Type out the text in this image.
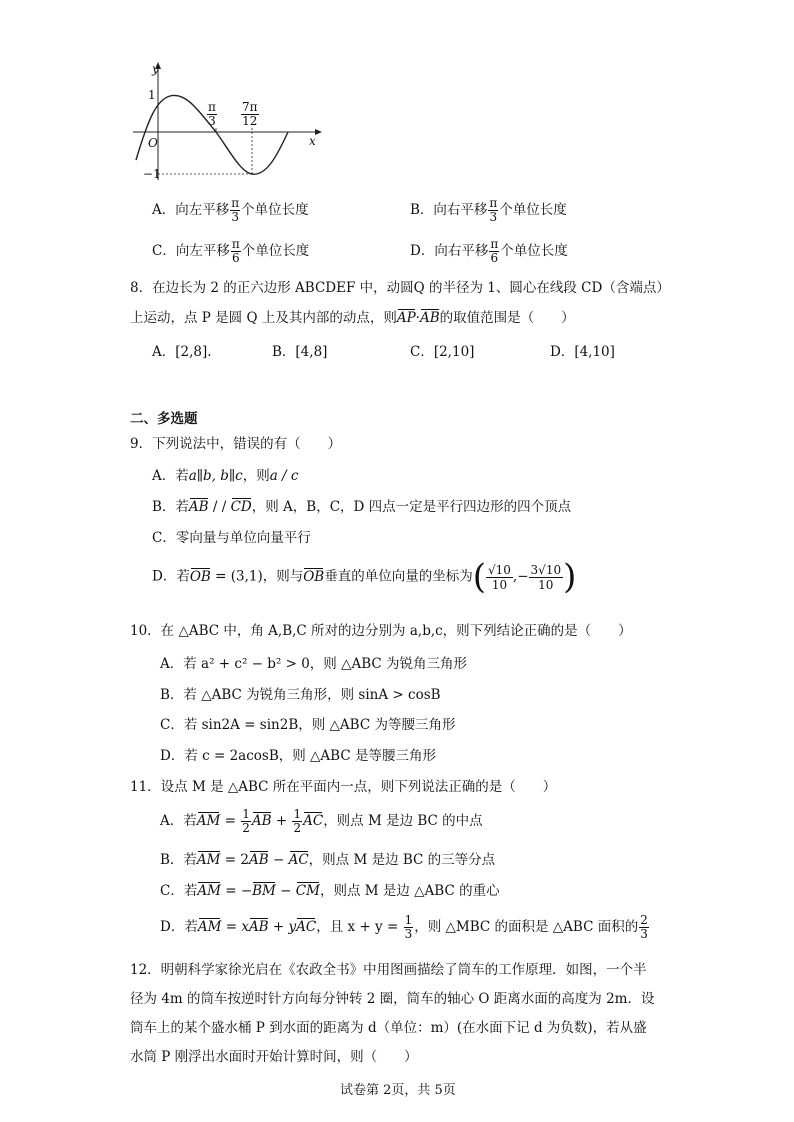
y
x
O
1
−1
$\frac{\pi}{3} \frac{7\pi}{12}$
A．向左平移 $\frac{\pi}{3}$ 个单位长度	B．向右平移 $\frac{\pi}{3}$ 个单位长度
C．向左平移 $\frac{\pi}{6}$ 个单位长度	D．向右平移 $\frac{\pi}{6}$ 个单位长度
8．在边长为 2 的正六边形 ABCDEF 中，动圆Q 的半径为 1、圆心在线段 CD（含端点）
上运动，点 P 是圆 Q 上及其内部的动点，则AP·AB的取值范围是（　　）
A．[2,8].	B．[4,8]	C．[2,10]	D．[4,10]
二、多选题
9．下列说法中，错误的有（　　）
A．若a∥b, b∥c，则a / c
B．若AB / / CD，则 A，B，C，D 四点一定是平行四边形的四个顶点
C．零向量与单位向量平行
D．若OB = (3,1)，则与OB垂直的单位向量的坐标为( $\frac{√10}{10},- \frac{3√10}{10}$)
10．在 △ABC 中，角 A,B,C 所对的边分别为 a,b,c，则下列结论正确的是（　　）
A．若 a² + c² − b² > 0，则 △ABC 为锐角三角形
B．若 △ABC 为锐角三角形，则 sinA > cosB
C．若 sin2A = sin2B，则 △ABC 为等腰三角形
D．若 c = 2acosB，则 △ABC 是等腰三角形
11．设点 M 是 △ABC 所在平面内一点，则下列说法正确的是（　　）
A．若AM = $\frac{1}{2}$ AB + $\frac{1}{2}$ AC，则点 M 是边 BC 的中点
B．若AM = 2AB − AC，则点 M 是边 BC 的三等分点
C．若AM = −BM − CM，则点 M 是边 △ABC 的重心
D．若AM = xAB + yAC，且 $x + y = \frac{1}{3}$ ，则 △MBC 的面积是 △ABC 面积的 $\frac{2}{3}$
12．明朝科学家徐光启在《农政全书》中用图画描绘了筒车的工作原理．如图，一个半
径为 4m 的筒车按逆时针方向每分钟转 2 圈，筒车的轴心 O 距离水面的高度为 2m．设
筒车上的某个盛水桶 P 到水面的距离为 d（单位：m）(在水面下记 d 为负数)，若从盛
水筒 P 刚浮出水面时开始计算时间，则（　　）
试卷第 2页，共 5页
